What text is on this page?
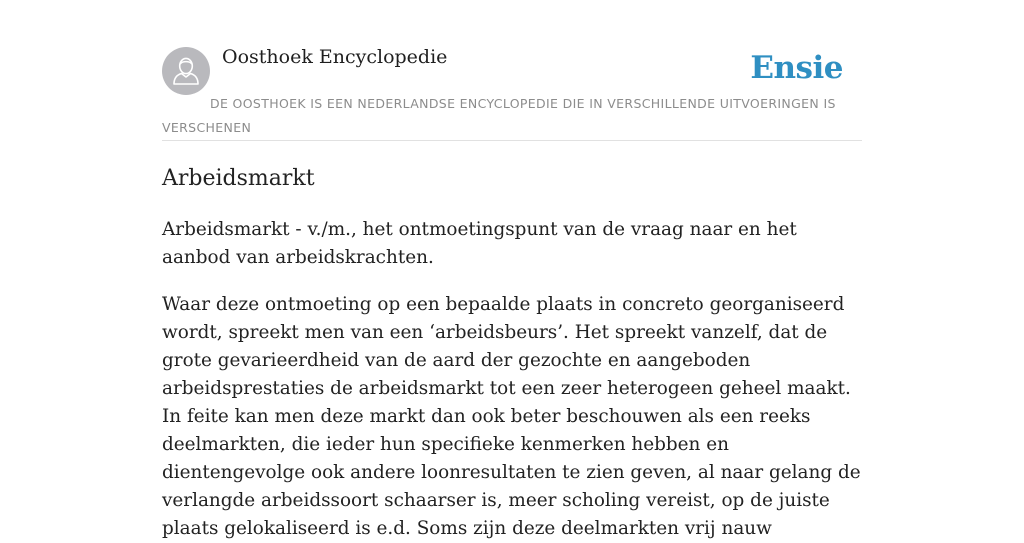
Oosthoek Encyclopedie	Ensie
DE OOSTHOEK IS EEN NEDERLANDSE ENCYCLOPEDIE DIE IN VERSCHILLENDE UITVOERINGEN IS VERSCHENEN
Arbeidsmarkt

Arbeidsmarkt - v./m., het ontmoetingspunt van de vraag naar en het aanbod van arbeidskrachten.

Waar deze ontmoeting op een bepaalde plaats in concreto georganiseerd wordt, spreekt men van een ‘arbeidsbeurs’. Het spreekt vanzelf, dat de grote gevarieerdheid van de aard der gezochte en aangeboden arbeidsprestaties de arbeidsmarkt tot een zeer heterogeen geheel maakt. In feite kan men deze markt dan ook beter beschouwen als een reeks deelmarkten, die ieder hun specifieke kenmerken hebben en dientengevolge ook andere loonresultaten te zien geven, al naar gelang de verlangde arbeidssoort schaarser is, meer scholing vereist, op de juiste plaats gelokaliseerd is e.d. Soms zijn deze deelmarkten vrij nauw
